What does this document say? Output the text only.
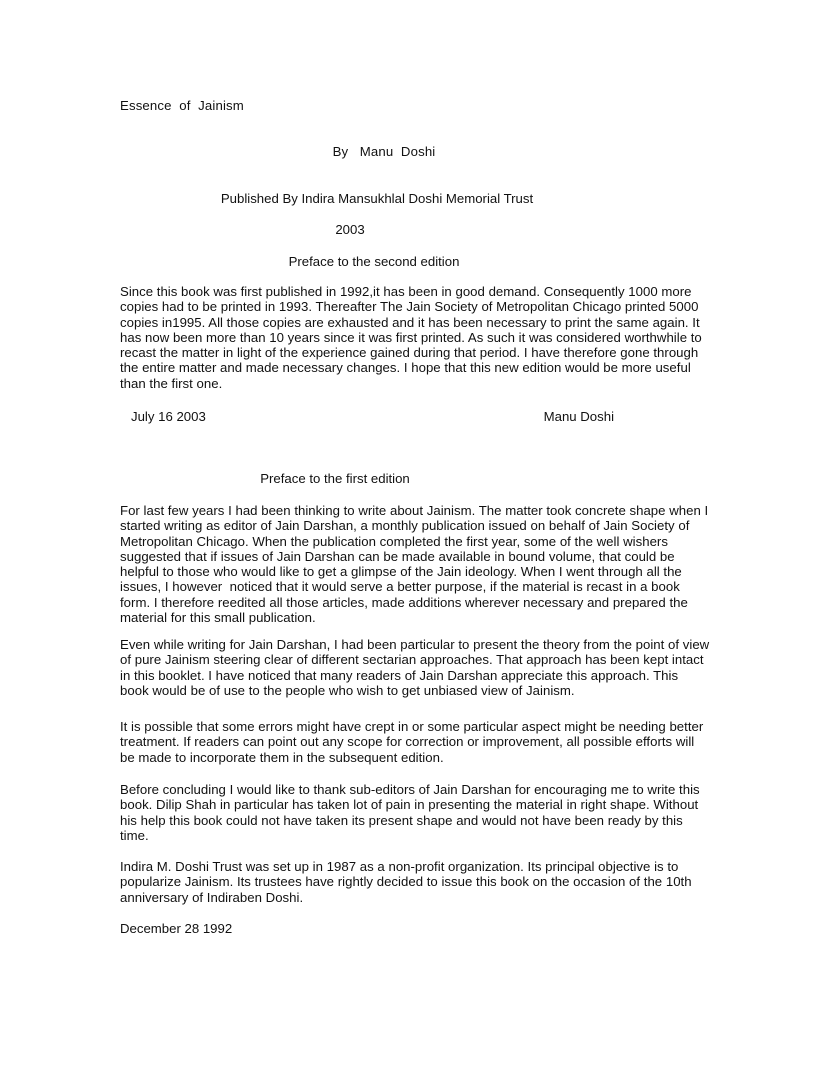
Essence  of  Jainism
By   Manu  Doshi
Published By Indira Mansukhlal Doshi Memorial Trust
2003
Preface to the second edition
Since this book was first published in 1992,it has been in good demand. Consequently 1000 more copies had to be printed in 1993. Thereafter The Jain Society of Metropolitan Chicago printed 5000 copies in1995. All those copies are exhausted and it has been necessary to print the same again. It has now been more than 10 years since it was first printed. As such it was considered worthwhile to recast the matter in light of the experience gained during that period. I have therefore gone through the entire matter and made necessary changes. I hope that this new edition would be more useful than the first one.
July 16 2003	Manu Doshi
Preface to the first edition
For last few years I had been thinking to write about Jainism. The matter took concrete shape when I started writing as editor of Jain Darshan, a monthly publication issued on behalf of Jain Society of Metropolitan Chicago. When the publication completed the first year, some of the well wishers suggested that if issues of Jain Darshan can be made available in bound volume, that could be helpful to those who would like to get a glimpse of the Jain ideology. When I went through all the issues, I however  noticed that it would serve a better purpose, if the material is recast in a book form. I therefore reedited all those articles, made additions wherever necessary and prepared the material for this small publication.
Even while writing for Jain Darshan, I had been particular to present the theory from the point of view of pure Jainism steering clear of different sectarian approaches. That approach has been kept intact in this booklet. I have noticed that many readers of Jain Darshan appreciate this approach. This book would be of use to the people who wish to get unbiased view of Jainism.
It is possible that some errors might have crept in or some particular aspect might be needing better treatment. If readers can point out any scope for correction or improvement, all possible efforts will be made to incorporate them in the subsequent edition.
Before concluding I would like to thank sub-editors of Jain Darshan for encouraging me to write this book. Dilip Shah in particular has taken lot of pain in presenting the material in right shape. Without his help this book could not have taken its present shape and would not have been ready by this time.
Indira M. Doshi Trust was set up in 1987 as a non-profit organization. Its principal objective is to popularize Jainism. Its trustees have rightly decided to issue this book on the occasion of the 10th anniversary of Indiraben Doshi.
December 28 1992
